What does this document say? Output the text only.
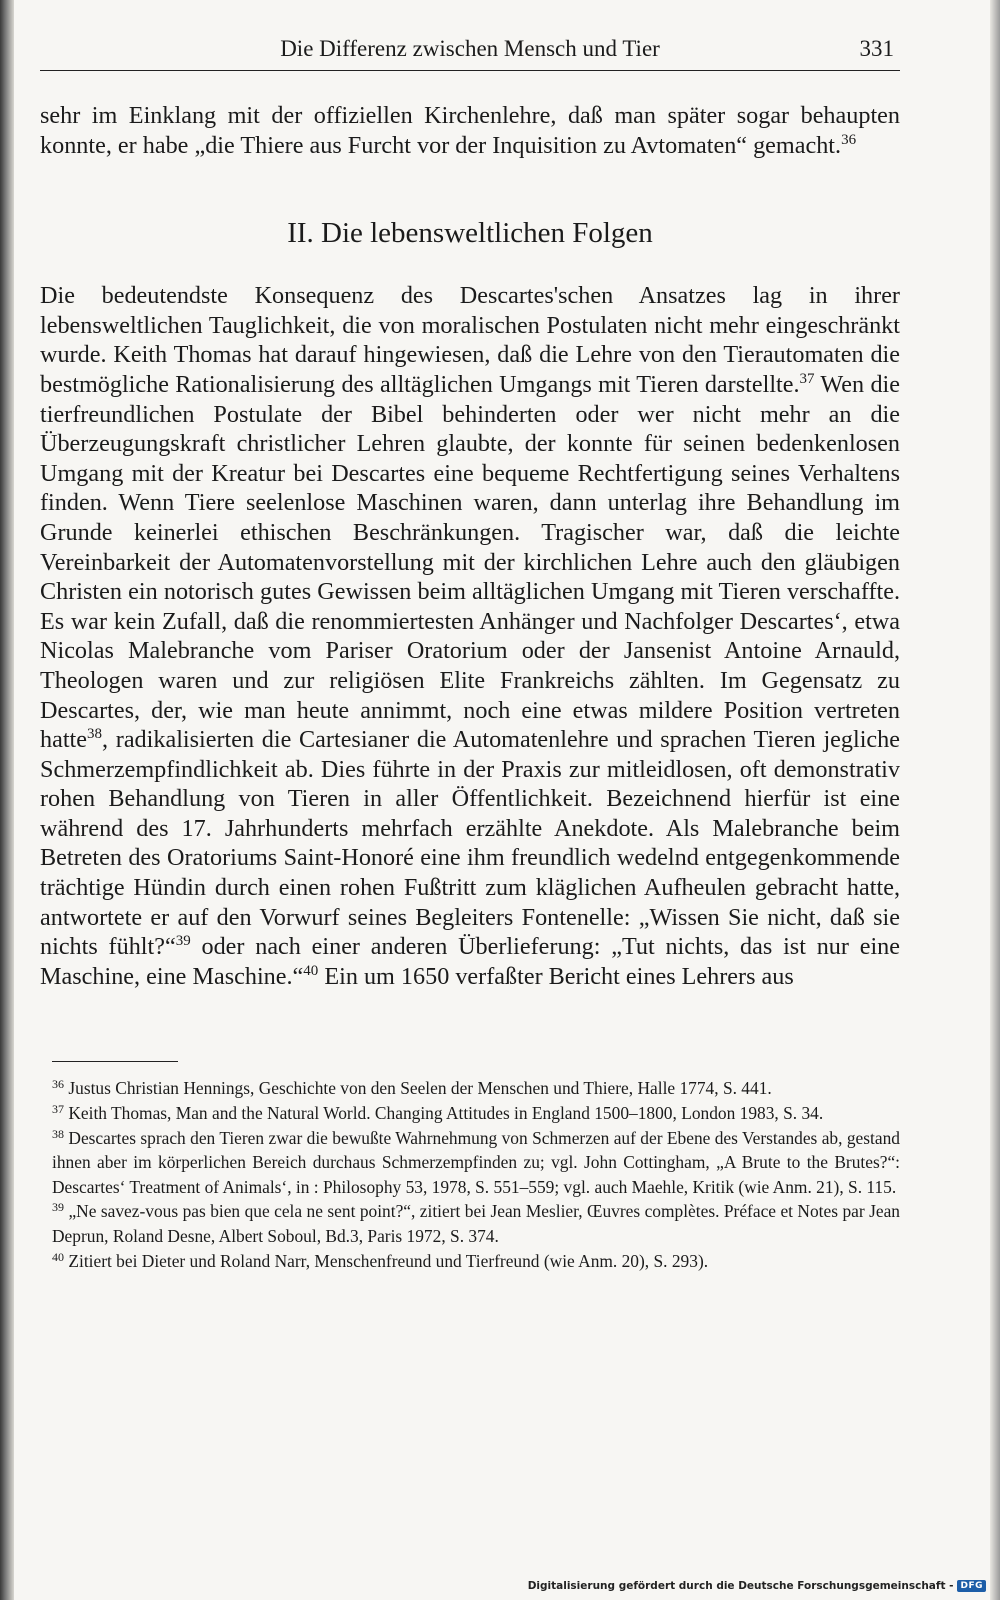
Die Differenz zwischen Mensch und Tier	331

sehr im Einklang mit der offiziellen Kirchenlehre, daß man später sogar behaupten konnte, er habe „die Thiere aus Furcht vor der Inquisition zu Avtomaten“ gemacht.$^{36}$

II. Die lebensweltlichen Folgen

Die bedeutendste Konsequenz des Descartes'schen Ansatzes lag in ihrer lebensweltlichen Tauglichkeit, die von moralischen Postulaten nicht mehr eingeschränkt wurde. Keith Thomas hat darauf hingewiesen, daß die Lehre von den Tierautomaten die bestmögliche Rationalisierung des alltäglichen Umgangs mit Tieren darstellte.$^{37}$ Wen die tierfreundlichen Postulate der Bibel behinderten oder wer nicht mehr an die Überzeugungskraft christlicher Lehren glaubte, der konnte für seinen bedenkenlosen Umgang mit der Kreatur bei Descartes eine bequeme Rechtfertigung seines Verhaltens finden. Wenn Tiere seelenlose Maschinen waren, dann unterlag ihre Behandlung im Grunde keinerlei ethischen Beschränkungen. Tragischer war, daß die leichte Vereinbarkeit der Automatenvorstellung mit der kirchlichen Lehre auch den gläubigen Christen ein notorisch gutes Gewissen beim alltäglichen Umgang mit Tieren verschaffte. Es war kein Zufall, daß die renommiertesten Anhänger und Nachfolger Descartes‘, etwa Nicolas Malebranche vom Pariser Oratorium oder der Jansenist Antoine Arnauld, Theologen waren und zur religiösen Elite Frankreichs zählten. Im Gegensatz zu Descartes, der, wie man heute annimmt, noch eine etwas mildere Position vertreten hatte$^{38}$, radikalisierten die Cartesianer die Automatenlehre und sprachen Tieren jegliche Schmerzempfindlichkeit ab. Dies führte in der Praxis zur mitleidlosen, oft demonstrativ rohen Behandlung von Tieren in aller Öffentlichkeit. Bezeichnend hierfür ist eine während des 17. Jahrhunderts mehrfach erzählte Anekdote. Als Malebranche beim Betreten des Oratoriums Saint-Honoré eine ihm freundlich wedelnd entgegenkommende trächtige Hündin durch einen rohen Fußtritt zum kläglichen Aufheulen gebracht hatte, antwortete er auf den Vorwurf seines Begleiters Fontenelle: „Wissen Sie nicht, daß sie nichts fühlt?“$^{39}$ oder nach einer anderen Überlieferung: „Tut nichts, das ist nur eine Maschine, eine Maschine.“$^{40}$ Ein um 1650 verfaßter Bericht eines Lehrers aus

$^{36}$ Justus Christian Hennings, Geschichte von den Seelen der Menschen und Thiere, Halle 1774, S. 441.

$^{37}$ Keith Thomas, Man and the Natural World. Changing Attitudes in England 1500–1800, London 1983, S. 34.

$^{38}$ Descartes sprach den Tieren zwar die bewußte Wahrnehmung von Schmerzen auf der Ebene des Verstandes ab, gestand ihnen aber im körperlichen Bereich durchaus Schmerzempfinden zu; vgl. John Cottingham, „A Brute to the Brutes?“: Descartes‘ Treatment of Animals‘, in : Philosophy 53, 1978, S. 551–559; vgl. auch Maehle, Kritik (wie Anm. 21), S. 115.

$^{39}$ „Ne savez-vous pas bien que cela ne sent point?“, zitiert bei Jean Meslier, Œuvres complètes. Préface et Notes par Jean Deprun, Roland Desne, Albert Soboul, Bd.3, Paris 1972, S. 374.

$^{40}$ Zitiert bei Dieter und Roland Narr, Menschenfreund und Tierfreund (wie Anm. 20), S. 293).

Digitalisierung gefördert durch die Deutsche Forschungsgemeinschaft - DFG
